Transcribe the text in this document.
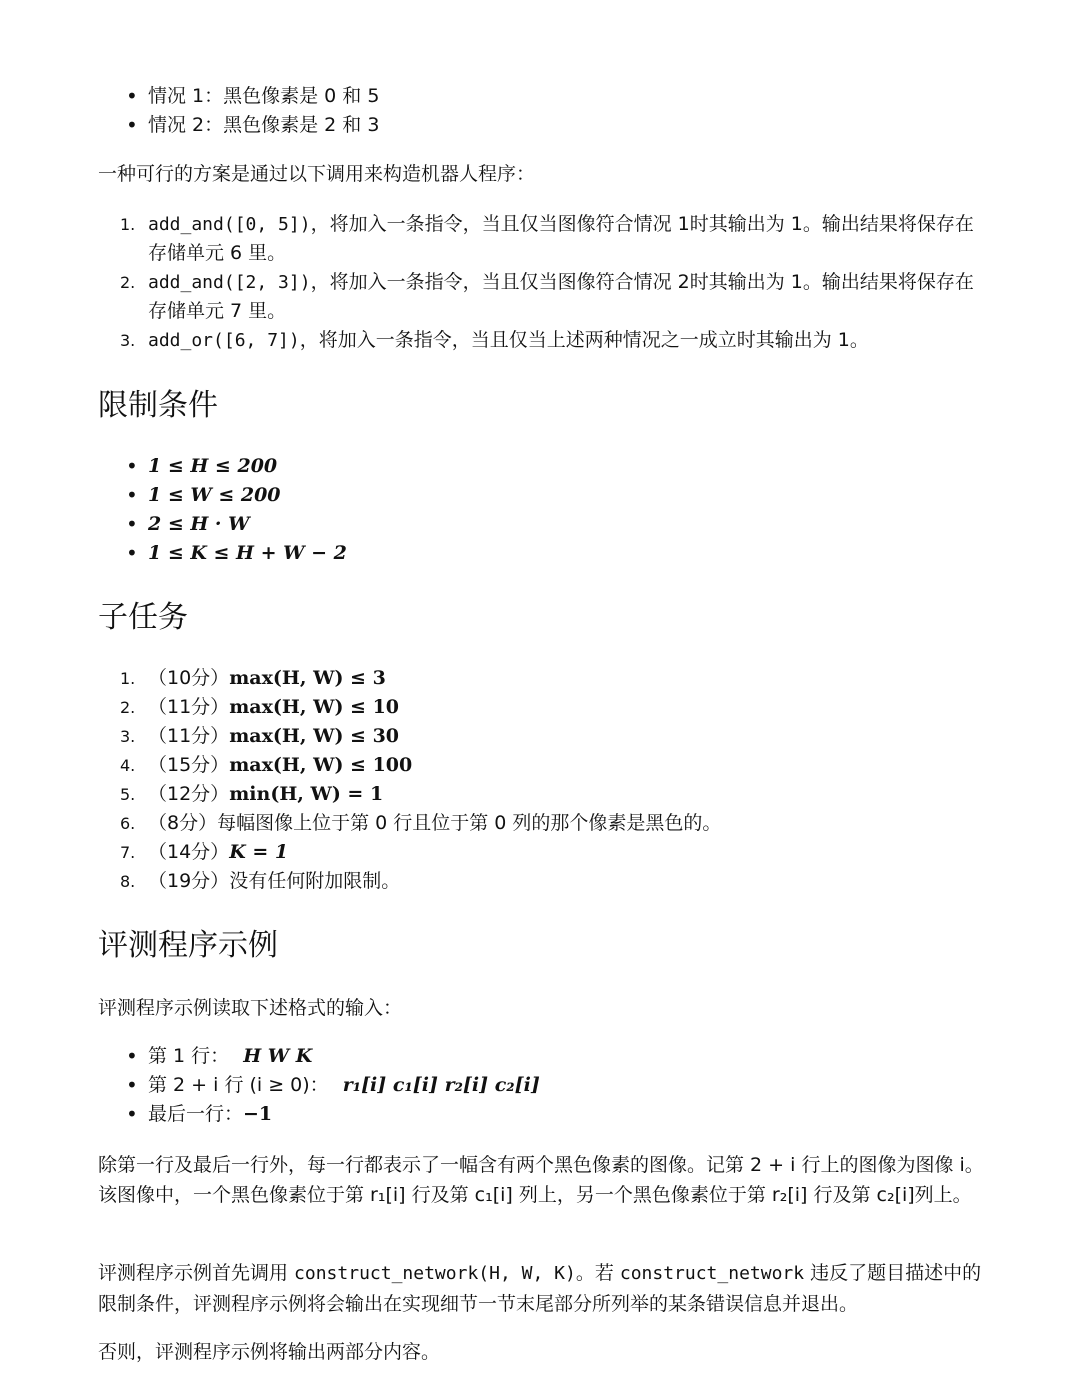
• 情况 1：黑色像素是 0 和 5
• 情况 2：黑色像素是 2 和 3

一种可行的方案是通过以下调用来构造机器人程序：

1. add_and([0, 5])，将加入一条指令，当且仅当图像符合情况 1时其输出为 1。输出结果将保存在存储单元 6 里。
2. add_and([2, 3])，将加入一条指令，当且仅当图像符合情况 2时其输出为 1。输出结果将保存在存储单元 7 里。
3. add_or([6, 7])，将加入一条指令，当且仅当上述两种情况之一成立时其输出为 1。
限制条件
• 1 ≤ H ≤ 200
• 1 ≤ W ≤ 200
• 2 ≤ H · W
• 1 ≤ K ≤ H + W − 2
子任务
1. （10分）max(H, W) ≤ 3
2. （11分）max(H, W) ≤ 10
3. （11分）max(H, W) ≤ 30
4. （15分）max(H, W) ≤ 100
5. （12分）min(H, W) = 1
6. （8分）每幅图像上位于第 0 行且位于第 0 列的那个像素是黑色的。
7. （14分）K = 1
8. （19分）没有任何附加限制。
评测程序示例

评测程序示例读取下述格式的输入：

• 第 1 行： H W K
• 第 2 + i 行 (i ≥ 0)： r₁[i] c₁[i] r₂[i] c₂[i]
• 最后一行：−1

除第一行及最后一行外，每一行都表示了一幅含有两个黑色像素的图像。记第 2 + i 行上的图像为图像 i。该图像中，一个黑色像素位于第 r₁[i] 行及第 c₁[i] 列上，另一个黑色像素位于第 r₂[i] 行及第 c₂[i]列上。

评测程序示例首先调用 construct_network(H, W, K)。若 construct_network 违反了题目描述中的限制条件，评测程序示例将会输出在实现细节一节末尾部分所列举的某条错误信息并退出。

否则，评测程序示例将输出两部分内容。
